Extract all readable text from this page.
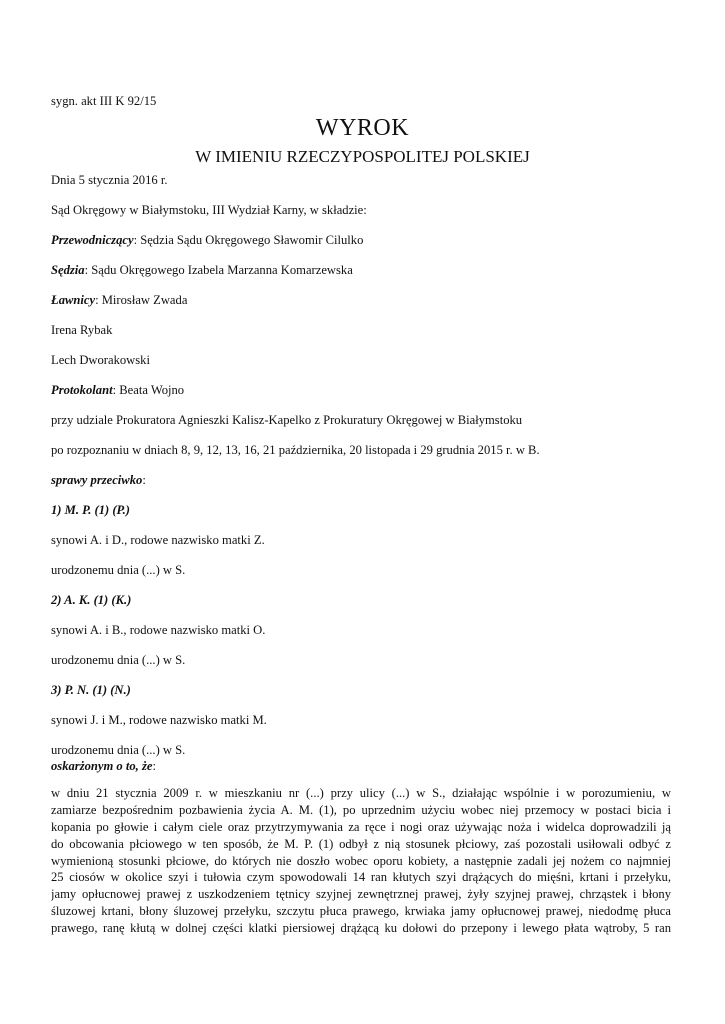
sygn. akt III K 92/15
WYROK
W IMIENIU RZECZYPOSPOLITEJ POLSKIEJ
Dnia 5 stycznia 2016 r.
Sąd Okręgowy w Białymstoku, III Wydział Karny, w składzie:
Przewodniczący: Sędzia Sądu Okręgowego Sławomir Cilulko
Sędzia: Sądu Okręgowego Izabela Marzanna Komarzewska
Ławnicy: Mirosław Zwada
Irena Rybak
Lech Dworakowski
Protokolant: Beata Wojno
przy udziale Prokuratora Agnieszki Kalisz-Kapelko z Prokuratury Okręgowej w Białymstoku
po rozpoznaniu w dniach 8, 9, 12, 13, 16, 21 października, 20 listopada i 29 grudnia 2015 r. w B.
sprawy przeciwko:
1) M. P. (1) (P.)
synowi A. i D., rodowe nazwisko matki Z.
urodzonemu dnia (...) w S.
2) A. K. (1) (K.)
synowi A. i B., rodowe nazwisko matki O.
urodzonemu dnia (...) w S.
3) P. N. (1) (N.)
synowi J. i M., rodowe nazwisko matki M.
urodzonemu dnia (...) w S.
oskarżonym o to, że:
w dniu 21 stycznia 2009 r. w mieszkaniu nr (...) przy ulicy (...) w S., działając wspólnie i w porozumieniu, w
zamiarze bezpośrednim pozbawienia życia A. M. (1), po uprzednim użyciu wobec niej przemocy w postaci bicia i
kopania po głowie i całym ciele oraz przytrzymywania za ręce i nogi oraz używając noża i widelca doprowadzili ją
do obcowania płciowego w ten sposób, że M. P. (1) odbył z nią stosunek płciowy, zaś pozostali usiłowali odbyć z
wymienioną stosunki płciowe, do których nie doszło wobec oporu kobiety, a następnie zadali jej nożem co najmniej
25 ciosów w okolice szyi i tułowia czym spowodowali 14 ran kłutych szyi drążących do mięśni, krtani i przełyku,
jamy opłucnowej prawej z uszkodzeniem tętnicy szyjnej zewnętrznej prawej, żyły szyjnej prawej, chrząstek i błony
śluzowej krtani, błony śluzowej przełyku, szczytu płuca prawego, krwiaka jamy opłucnowej prawej, niedodmę płuca
prawego, ranę kłutą w dolnej części klatki piersiowej drążącą ku dołowi do przepony i lewego płata wątroby, 5 ran
